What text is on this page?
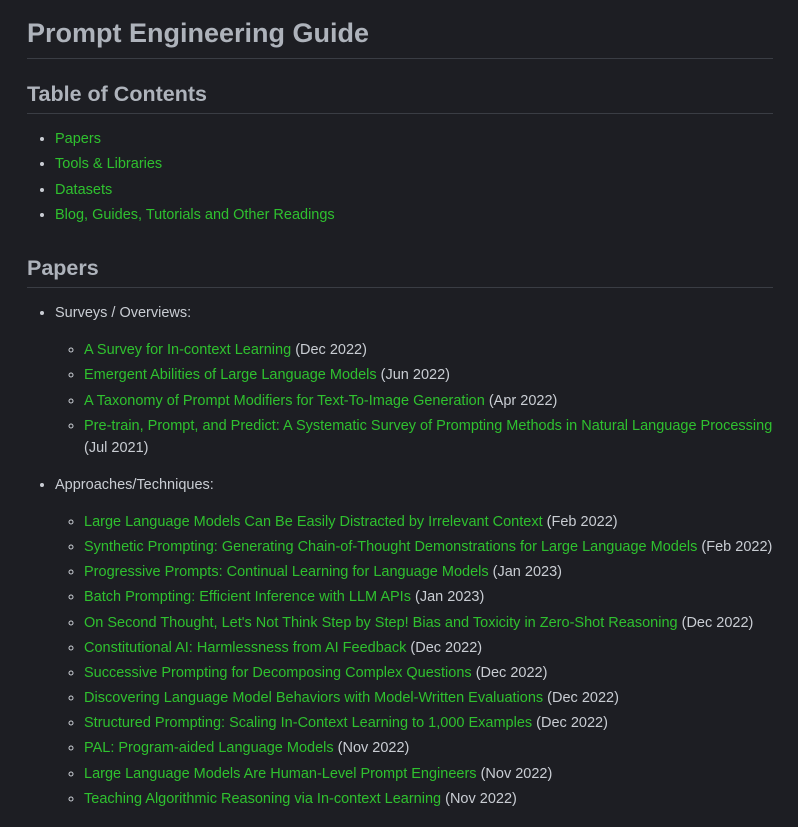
Prompt Engineering Guide
Table of Contents
• Papers
• Tools & Libraries
• Datasets
• Blog, Guides, Tutorials and Other Readings
Papers
• Surveys / Overviews:
◦ A Survey for In-context Learning (Dec 2022)
◦ Emergent Abilities of Large Language Models (Jun 2022)
◦ A Taxonomy of Prompt Modifiers for Text-To-Image Generation (Apr 2022)
◦ Pre-train, Prompt, and Predict: A Systematic Survey of Prompting Methods in Natural Language Processing (Jul 2021)
• Approaches/Techniques:
◦ Large Language Models Can Be Easily Distracted by Irrelevant Context (Feb 2022)
◦ Synthetic Prompting: Generating Chain-of-Thought Demonstrations for Large Language Models (Feb 2022)
◦ Progressive Prompts: Continual Learning for Language Models (Jan 2023)
◦ Batch Prompting: Efficient Inference with LLM APIs (Jan 2023)
◦ On Second Thought, Let's Not Think Step by Step! Bias and Toxicity in Zero-Shot Reasoning (Dec 2022)
◦ Constitutional AI: Harmlessness from AI Feedback (Dec 2022)
◦ Successive Prompting for Decomposing Complex Questions (Dec 2022)
◦ Discovering Language Model Behaviors with Model-Written Evaluations (Dec 2022)
◦ Structured Prompting: Scaling In-Context Learning to 1,000 Examples (Dec 2022)
◦ PAL: Program-aided Language Models (Nov 2022)
◦ Large Language Models Are Human-Level Prompt Engineers (Nov 2022)
◦ Teaching Algorithmic Reasoning via In-context Learning (Nov 2022)
